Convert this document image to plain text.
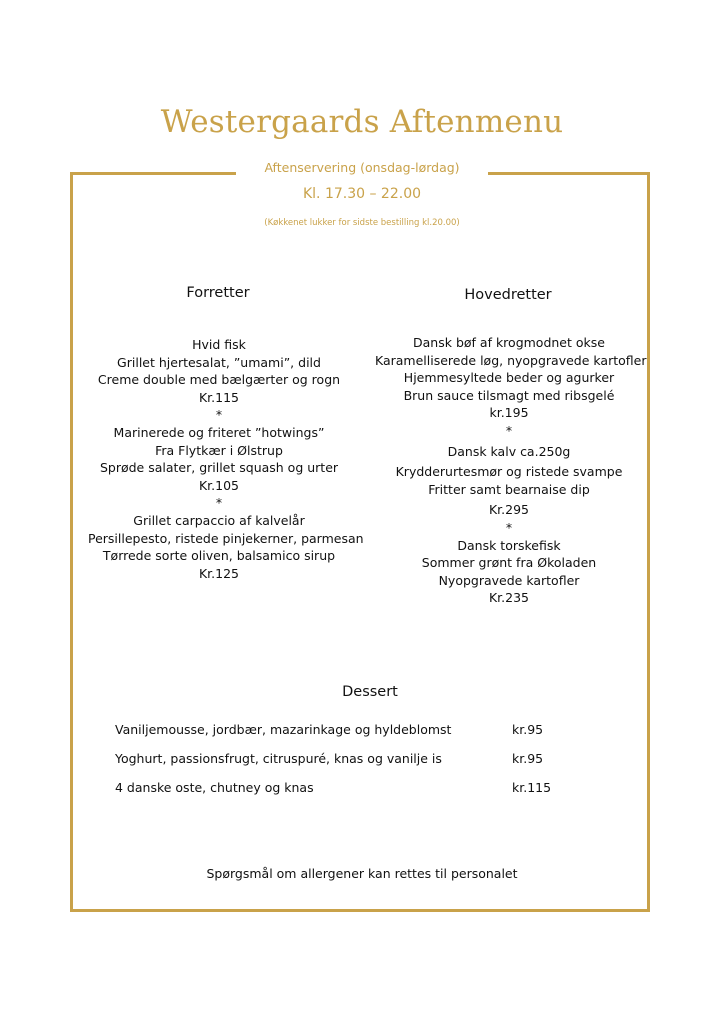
Westergaards Aftenmenu
Aftenservering (onsdag-lørdag)
Kl. 17.30 – 22.00
(Køkkenet lukker for sidste bestilling kl.20.00)
Forretter
Hvid fisk
Grillet hjertesalat, ”umami”, dild
Creme double med bælgærter og rogn
Kr.115
*
Marinerede og friteret ”hotwings”
Fra Flytkær i Ølstrup
Sprøde salater, grillet squash og urter
Kr.105
*
Grillet carpaccio af kalvelår
Persillepesto, ristede pinjekerner, parmesan
Tørrede sorte oliven, balsamico sirup
Kr.125
Hovedretter
Dansk bøf af krogmodnet okse
Karamelliserede løg, nyopgravede kartofler
Hjemmesyltede beder og agurker
Brun sauce tilsmagt med ribsgelé
kr.195
*
Dansk kalv ca.250g
Krydderurtesmør og ristede svampe
Fritter samt bearnaise dip
Kr.295
*
Dansk torskefisk
Sommer grønt fra Økoladen
Nyopgravede kartofler
Kr.235
Dessert
Vaniljemousse, jordbær, mazarinkage og hyldeblomst	kr.95
Yoghurt, passionsfrugt, citruspuré, knas og vanilje is	kr.95
4 danske oste, chutney og knas	kr.115
Spørgsmål om allergener kan rettes til personalet
